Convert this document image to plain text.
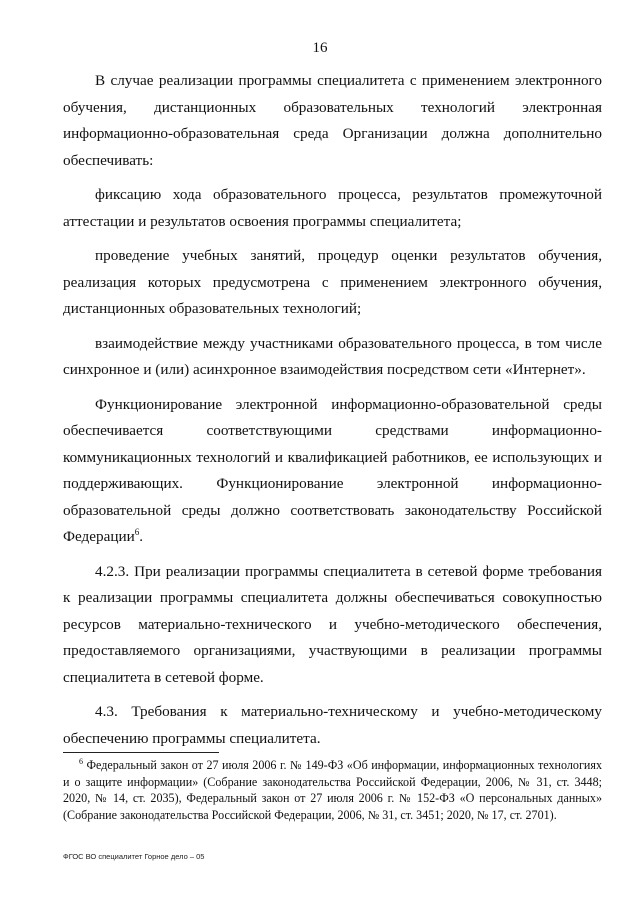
16

В случае реализации программы специалитета с применением электронного обучения, дистанционных образовательных технологий электронная информационно-образовательная среда Организации должна дополнительно обеспечивать:

фиксацию хода образовательного процесса, результатов промежуточной аттестации и результатов освоения программы специалитета;

проведение учебных занятий, процедур оценки результатов обучения, реализация которых предусмотрена с применением электронного обучения, дистанционных образовательных технологий;

взаимодействие между участниками образовательного процесса, в том числе синхронное и (или) асинхронное взаимодействия посредством сети «Интернет».

Функционирование электронной информационно-образовательной среды обеспечивается соответствующими средствами информационно-коммуникационных технологий и квалификацией работников, ее использующих и поддерживающих. Функционирование электронной информационно-образовательной среды должно соответствовать законодательству Российской Федерации$^6$.

4.2.3. При реализации программы специалитета в сетевой форме требования к реализации программы специалитета должны обеспечиваться совокупностью ресурсов материально-технического и учебно-методического обеспечения, предоставляемого организациями, участвующими в реализации программы специалитета в сетевой форме.

4.3. Требования к материально-техническому и учебно-методическому обеспечению программы специалитета.

$^6$ Федеральный закон от 27 июля 2006 г. № 149-ФЗ «Об информации, информационных технологиях и о защите информации» (Собрание законодательства Российской Федерации, 2006, № 31, ст. 3448; 2020, № 14, ст. 2035), Федеральный закон от 27 июля 2006 г. № 152-ФЗ «О персональных данных» (Собрание законодательства Российской Федерации, 2006, № 31, ст. 3451; 2020, № 17, ст. 2701).

ФГОС ВО специалитет Горное дело – 05
